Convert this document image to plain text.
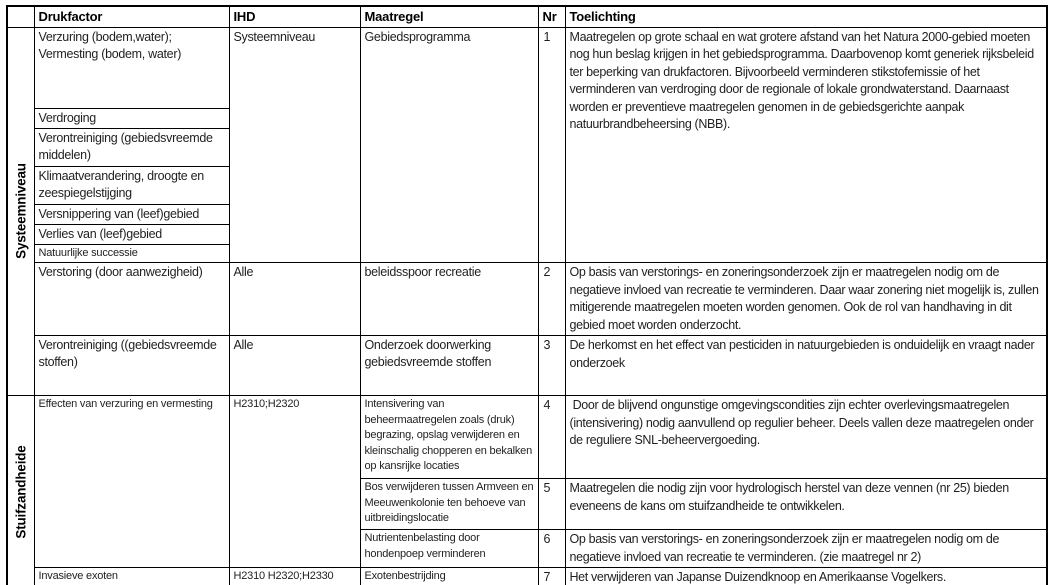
	Drukfactor	IHD	Maatregel	Nr	Toelichting

Systeemniveau	Verzuring (bodem,water); Vermesting (bodem, water)	Systeemniveau	Gebiedsprogramma	1	Maatregelen op grote schaal en wat grotere afstand van het Natura 2000-gebied moeten nog hun beslag krijgen in het gebiedsprogramma. Daarbovenop komt generiek rijksbeleid ter beperking van drukfactoren. Bijvoorbeeld verminderen stikstofemissie of het verminderen van verdroging door de regionale of lokale grondwaterstand. Daarnaast worden er preventieve maatregelen genomen in de gebiedsgerichte aanpak natuurbrandbeheersing (NBB).
	Verdroging				
	Verontreiniging (gebiedsvreemde middelen)				
	Klimaatverandering, droogte en zeespiegelstijging				
	Versnippering van (leef)gebied				
	Verlies van (leef)gebied				
	Natuurlijke successie				
	Verstoring (door aanwezigheid)	Alle	beleidsspoor recreatie	2	Op basis van verstorings- en zoneringsonderzoek zijn er maatregelen nodig om de negatieve invloed van recreatie te verminderen. Daar waar zonering niet mogelijk is, zullen mitigerende maatregelen moeten worden genomen. Ook de rol van handhaving in dit gebied moet worden onderzocht.
	Verontreiniging ((gebiedsvreemde stoffen)	Alle	Onderzoek doorwerking gebiedsvreemde stoffen	3	De herkomst en het effect van pesticiden in natuurgebieden is onduidelijk en vraagt nader onderzoek

Stuifzandheide	Effecten van verzuring en vermesting	H2310;H2320	Intensivering van beheermaatregelen zoals (druk) begrazing, opslag verwijderen en kleinschalig chopperen en bekalken op kansrijke locaties	4	Door de blijvend ongunstige omgevingscondities zijn echter overlevingsmaatregelen (intensivering) nodig aanvullend op regulier beheer. Deels vallen deze maatregelen onder de reguliere SNL-beheervergoeding.
			Bos verwijderen tussen Armveen en Meeuwenkolonie ten behoeve van uitbreidingslocatie	5	Maatregelen die nodig zijn voor hydrologisch herstel van deze vennen (nr 25) bieden eveneens de kans om stuifzandheide te ontwikkelen.
			Nutrientenbelasting door hondenpoep verminderen	6	Op basis van verstorings- en zoneringsonderzoek zijn er maatregelen nodig om de negatieve invloed van recreatie te verminderen. (zie maatregel nr 2)
	Invasieve exoten	H2310 H2320;H2330	Exotenbestrijding	7	Het verwijderen van Japanse Duizendknoop en Amerikaanse Vogelkers.
